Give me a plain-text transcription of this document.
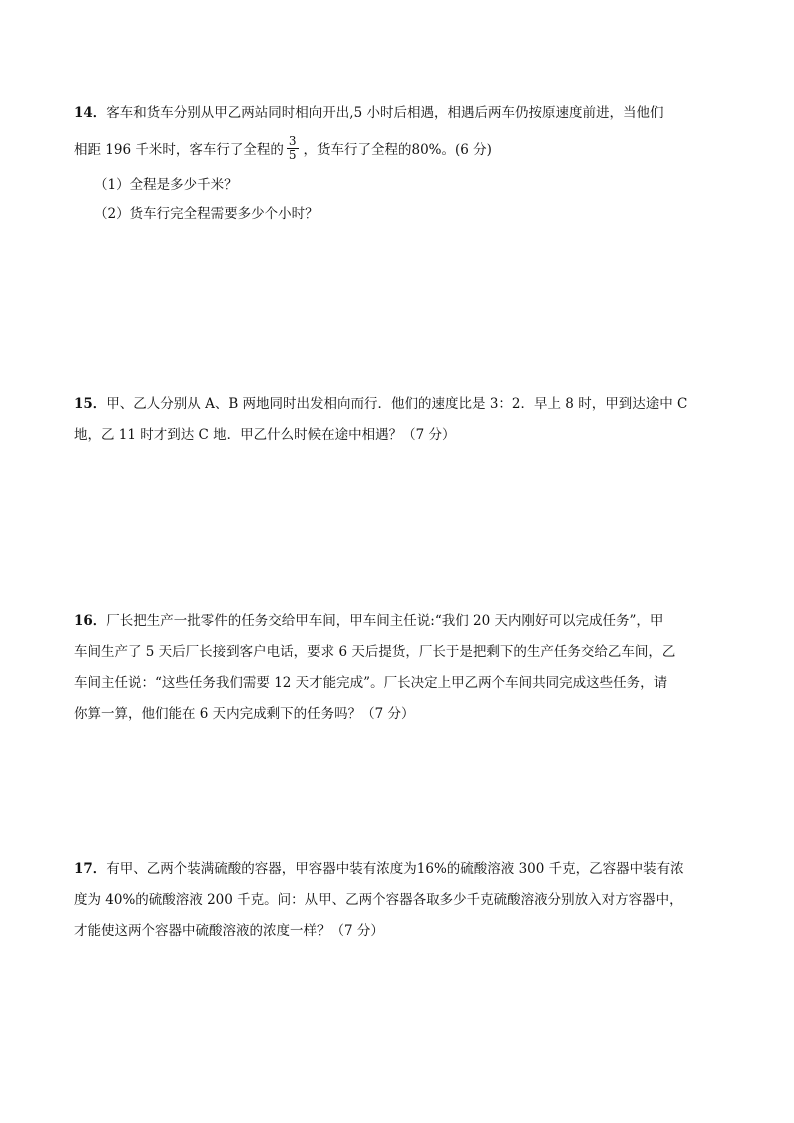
14．客车和货车分别从甲乙两站同时相向开出,5 小时后相遇，相遇后两车仍按原速度前进，当他们
相距 196 千米时，客车行了全程的 $\frac{3}{5}$ ，货车行了全程的80%。(6 分)
（1）全程是多少千米？
（2）货车行完全程需要多少个小时？
15．甲、乙人分别从 A、B 两地同时出发相向而行．他们的速度比是 3：2．早上 8 时，甲到达途中 C
地，乙 11 时才到达 C 地．甲乙什么时候在途中相遇？（7 分）
16．厂长把生产一批零件的任务交给甲车间，甲车间主任说:“我们 20 天内刚好可以完成任务”，甲
车间生产了 5 天后厂长接到客户电话，要求 6 天后提货，厂长于是把剩下的生产任务交给乙车间，乙
车间主任说：“这些任务我们需要 12 天才能完成”。厂长决定上甲乙两个车间共同完成这些任务，请
你算一算，他们能在 6 天内完成剩下的任务吗？（7 分）
17．有甲、乙两个装满硫酸的容器，甲容器中装有浓度为16%的硫酸溶液 300 千克，乙容器中装有浓
度为 40%的硫酸溶液 200 千克。问：从甲、乙两个容器各取多少千克硫酸溶液分别放入对方容器中，
才能使这两个容器中硫酸溶液的浓度一样？（7 分）
